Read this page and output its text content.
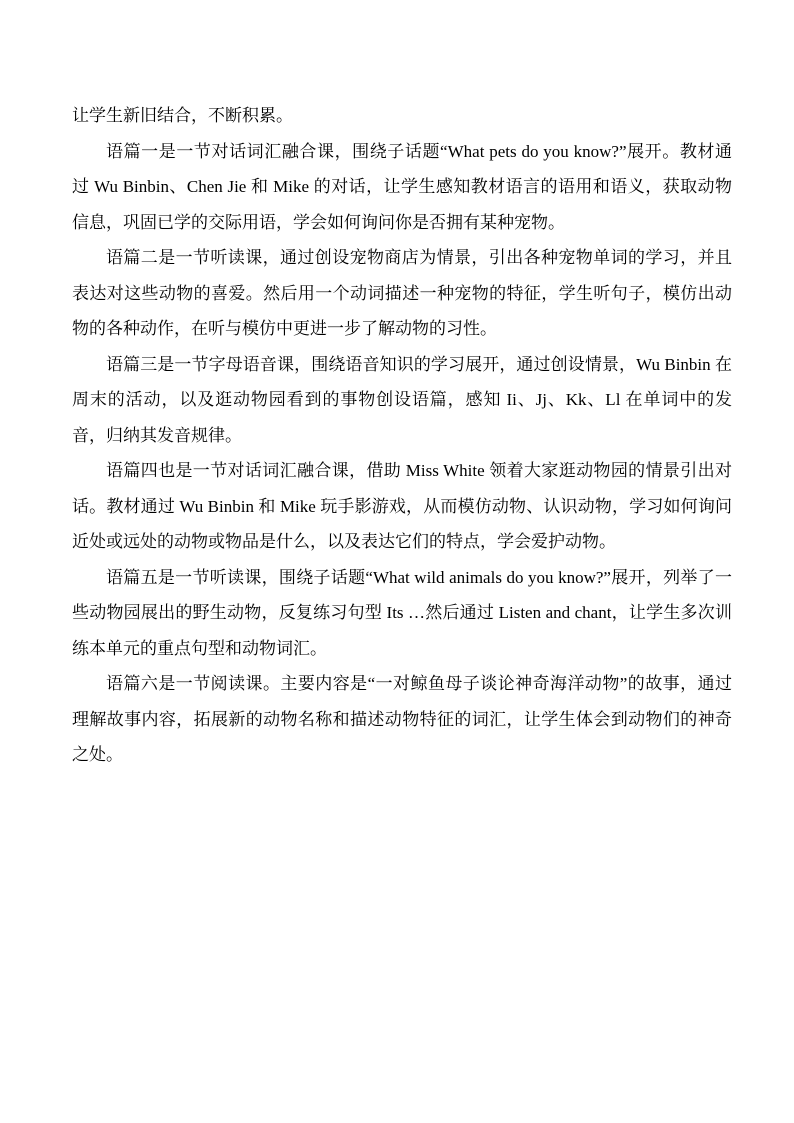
让学生新旧结合，不断积累。

语篇一是一节对话词汇融合课，围绕子话题“What pets do you know?”展开。教材通过 Wu Binbin、Chen Jie 和 Mike 的对话，让学生感知教材语言的语用和语义，获取动物信息，巩固已学的交际用语，学会如何询问你是否拥有某种宠物。

语篇二是一节听读课，通过创设宠物商店为情景，引出各种宠物单词的学习，并且表达对这些动物的喜爱。然后用一个动词描述一种宠物的特征，学生听句子，模仿出动物的各种动作，在听与模仿中更进一步了解动物的习性。

语篇三是一节字母语音课，围绕语音知识的学习展开，通过创设情景，Wu Binbin 在周末的活动，以及逛动物园看到的事物创设语篇，感知 Ii、Jj、Kk、Ll 在单词中的发音，归纳其发音规律。

语篇四也是一节对话词汇融合课，借助 Miss White 领着大家逛动物园的情景引出对话。教材通过 Wu Binbin 和 Mike 玩手影游戏，从而模仿动物、认识动物，学习如何询问近处或远处的动物或物品是什么，以及表达它们的特点，学会爱护动物。

语篇五是一节听读课，围绕子话题“What wild animals do you know?”展开，列举了一些动物园展出的野生动物，反复练习句型 Its …然后通过 Listen and chant，让学生多次训练本单元的重点句型和动物词汇。

语篇六是一节阅读课。主要内容是“一对鲸鱼母子谈论神奇海洋动物”的故事，通过理解故事内容，拓展新的动物名称和描述动物特征的词汇，让学生体会到动物们的神奇之处。
